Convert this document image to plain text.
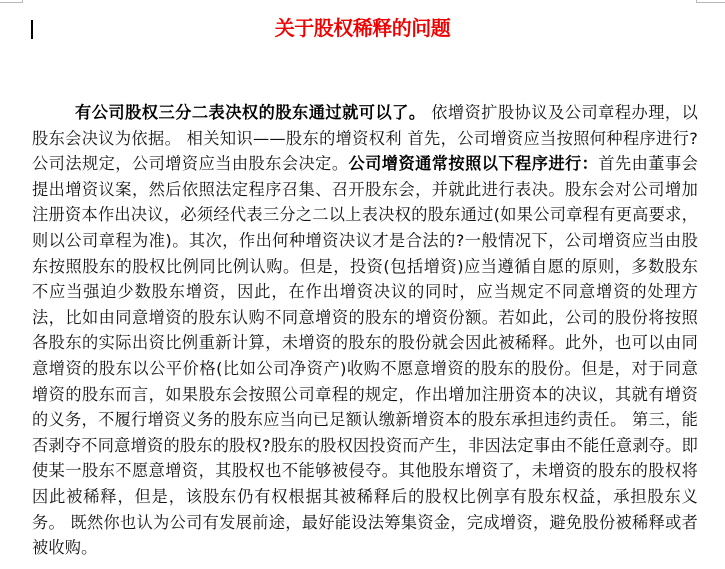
关于股权稀释的问题

有公司股权三分二表决权的股东通过就可以了。 依增资扩股协议及公司章程办理，以股东会决议为依据。 相关知识——股东的增资权利 首先，公司增资应当按照何种程序进行?公司法规定，公司增资应当由股东会决定。公司增资通常按照以下程序进行：首先由董事会提出增资议案，然后依照法定程序召集、召开股东会，并就此进行表决。股东会对公司增加注册资本作出决议，必须经代表三分之二以上表决权的股东通过(如果公司章程有更高要求，则以公司章程为准)。其次，作出何种增资决议才是合法的?一般情况下，公司增资应当由股东按照股东的股权比例同比例认购。但是，投资(包括增资)应当遵循自愿的原则，多数股东不应当强迫少数股东增资，因此，在作出增资决议的同时，应当规定不同意增资的处理方法，比如由同意增资的股东认购不同意增资的股东的增资份额。若如此，公司的股份将按照各股东的实际出资比例重新计算，未增资的股东的股份就会因此被稀释。此外，也可以由同意增资的股东以公平价格(比如公司净资产)收购不愿意增资的股东的股份。但是，对于同意增资的股东而言，如果股东会按照公司章程的规定，作出增加注册资本的决议，其就有增资的义务，不履行增资义务的股东应当向已足额认缴新增资本的股东承担违约责任。 第三，能否剥夺不同意增资的股东的股权?股东的股权因投资而产生，非因法定事由不能任意剥夺。即使某一股东不愿意增资，其股权也不能够被侵夺。其他股东增资了，未增资的股东的股权将因此被稀释，但是，该股东仍有权根据其被稀释后的股权比例享有股东权益，承担股东义务。 既然你也认为公司有发展前途，最好能设法筹集资金，完成增资，避免股份被稀释或者被收购。
